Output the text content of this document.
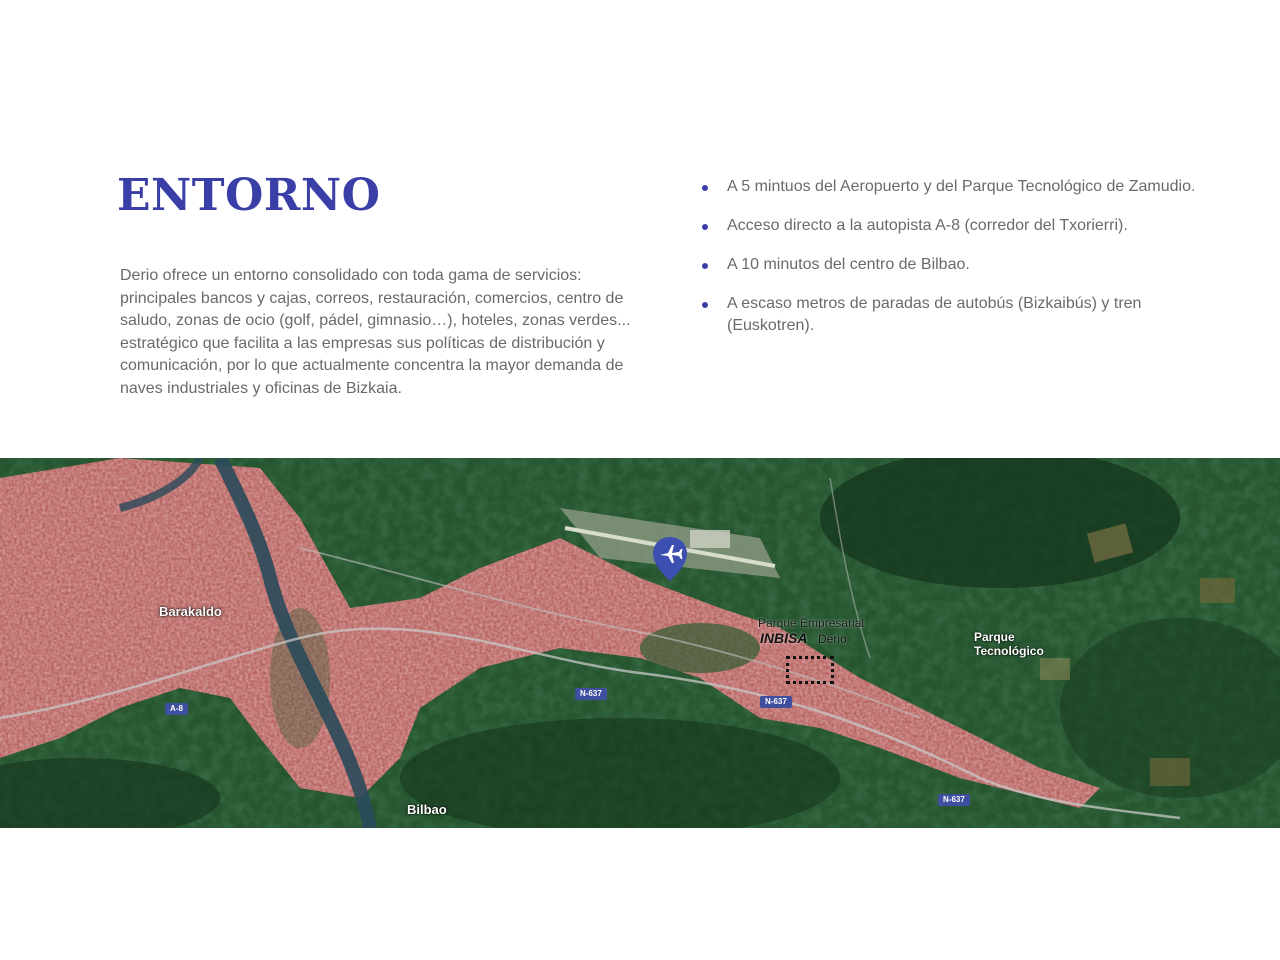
ENTORNO

Derio ofrece un entorno consolidado con toda gama de servicios: principales bancos y cajas, correos, restauración, comercios, centro de saludo, zonas de ocio (golf, pádel, gimnasio…), hoteles, zonas verdes... estratégico que facilita a las empresas sus políticas de distribución y comunicación, por lo que actualmente concentra la mayor demanda de naves industriales y oficinas de Bizkaia.

A 5 mintuos del Aeropuerto y del Parque Tecnológico de Zamudio.
Acceso directo a la autopista A-8 (corredor del Txorierri).
A 10 minutos del centro de Bilbao.
A escaso metros de paradas de autobús (Bizkaibús) y tren (Euskotren).
Barakaldo
Bilbao
Parque Tecnológico
Parque Empresarial
INBISA Derio
A-8
N-637
N-637
N-637
